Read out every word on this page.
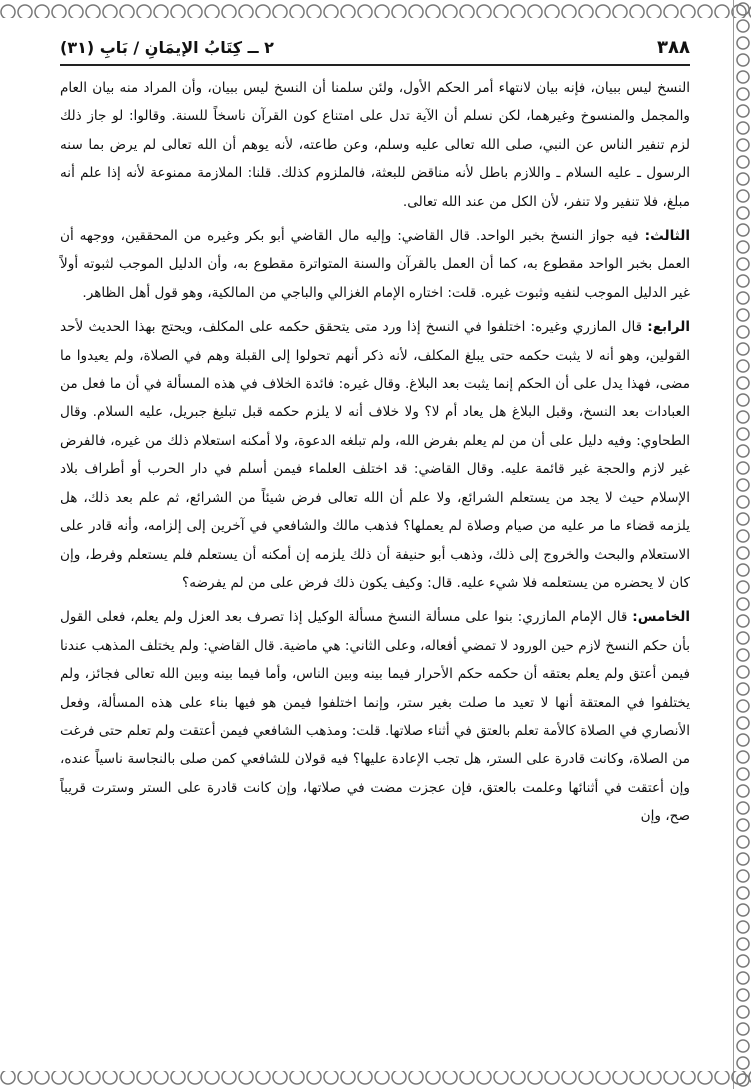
٣٨٨
٢ ــ كِتَابُ الإيمَانِ / بَابِ (٣١)

النسخ ليس ببيان، فإنه بيان لانتهاء أمر الحكم الأول، ولئن سلمنا أن النسخ ليس ببيان، وأن المراد منه بيان العام والمجمل والمنسوخ وغيرهما، لكن نسلم أن الآية تدل على امتناع كون القرآن ناسخاً للسنة. وقالوا: لو جاز ذلك لزم تنفير الناس عن النبي، صلى الله تعالى عليه وسلم، وعن طاعته، لأنه يوهم أن الله تعالى لم يرض بما سنه الرسول ـ عليه السلام ـ واللازم باطل لأنه مناقض للبعثة، فالملزوم كذلك. قلنا: الملازمة ممنوعة لأنه إذا علم أنه مبلغ، فلا تنفير ولا تنفر، لأن الكل من عند الله تعالى.

الثالث: فيه جواز النسخ بخبر الواحد. قال القاضي: وإليه مال القاضي أبو بكر وغيره من المحققين، ووجهه أن العمل بخبر الواحد مقطوع به، كما أن العمل بالقرآن والسنة المتواترة مقطوع به، وأن الدليل الموجب لثبوته أولاً غير الدليل الموجب لنفيه وثبوت غيره. قلت: اختاره الإمام الغزالي والباجي من المالكية، وهو قول أهل الظاهر.

الرابع: قال المازري وغيره: اختلفوا في النسخ إذا ورد متى يتحقق حكمه على المكلف، ويحتج بهذا الحديث لأحد القولين، وهو أنه لا يثبت حكمه حتى يبلغ المكلف، لأنه ذكر أنهم تحولوا إلى القبلة وهم في الصلاة، ولم يعيدوا ما مضى، فهذا يدل على أن الحكم إنما يثبت بعد البلاغ. وقال غيره: فائدة الخلاف في هذه المسألة في أن ما فعل من العبادات بعد النسخ، وقبل البلاغ هل يعاد أم لا؟ ولا خلاف أنه لا يلزم حكمه قبل تبليغ جبريل، عليه السلام. وقال الطحاوي: وفيه دليل على أن من لم يعلم بفرض الله، ولم تبلغه الدعوة، ولا أمكنه استعلام ذلك من غيره، فالفرض غير لازم والحجة غير قائمة عليه. وقال القاضي: قد اختلف العلماء فيمن أسلم في دار الحرب أو أطراف بلاد الإسلام حيث لا يجد من يستعلم الشرائع، ولا علم أن الله تعالى فرض شيئاً من الشرائع، ثم علم بعد ذلك، هل يلزمه قضاء ما مر عليه من صيام وصلاة لم يعملها؟ فذهب مالك والشافعي في آخرين إلى إلزامه، وأنه قادر على الاستعلام والبحث والخروج إلى ذلك، وذهب أبو حنيفة أن ذلك يلزمه إن أمكنه أن يستعلم فلم يستعلم وفرط، وإن كان لا يحضره من يستعلمه فلا شيء عليه. قال: وكيف يكون ذلك فرض على من لم يفرضه؟

الخامس: قال الإمام المازري: بنوا على مسألة النسخ مسألة الوكيل إذا تصرف بعد العزل ولم يعلم، فعلى القول بأن حكم النسخ لازم حين الورود لا تمضي أفعاله، وعلى الثاني: هي ماضية. قال القاضي: ولم يختلف المذهب عندنا فيمن أعتق ولم يعلم بعتقه أن حكمه حكم الأحرار فيما بينه وبين الناس، وأما فيما بينه وبين الله تعالى فجائز، ولم يختلفوا في المعتقة أنها لا تعيد ما صلت بغير ستر، وإنما اختلفوا فيمن هو فيها بناء على هذه المسألة، وفعل الأنصاري في الصلاة كالأمة تعلم بالعتق في أثناء صلاتها. قلت: ومذهب الشافعي فيمن أعتقت ولم تعلم حتى فرغت من الصلاة، وكانت قادرة على الستر، هل تجب الإعادة عليها؟ فيه قولان للشافعي كمن صلى بالنجاسة ناسياً عنده، وإن أعتقت في أثنائها وعلمت بالعتق، فإن عجزت مضت في صلاتها، وإن كانت قادرة على الستر وسترت قريباً صح، وإن
